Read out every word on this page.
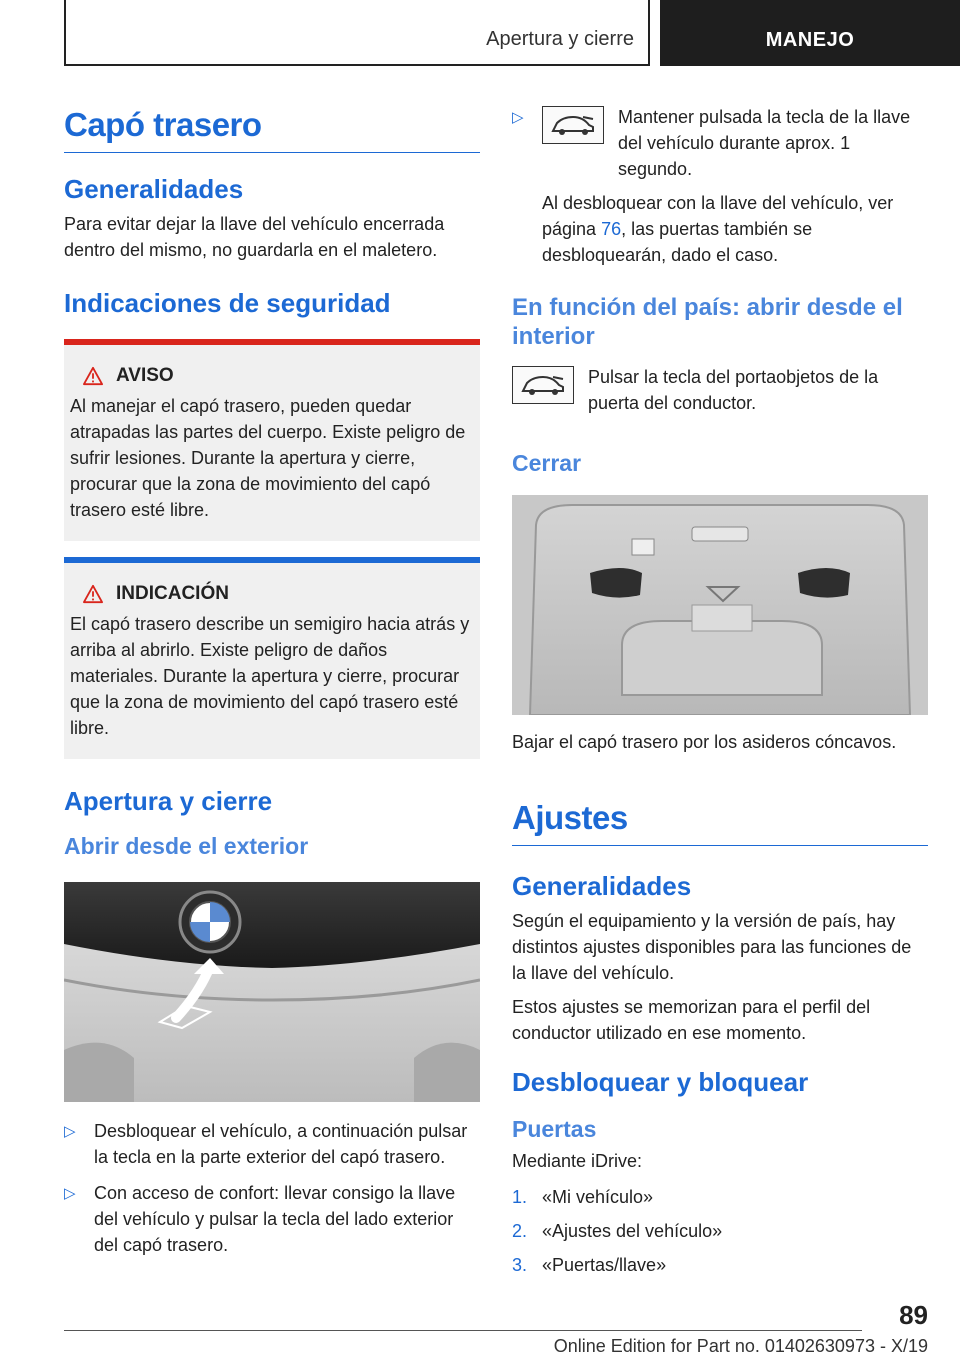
Apertura y cierre	MANEJO
Capó trasero
Generalidades
Para evitar dejar la llave del vehículo encerrada dentro del mismo, no guardarla en el maletero.
Indicaciones de seguridad
AVISO
Al manejar el capó trasero, pueden quedar atrapadas las partes del cuerpo. Existe peligro de sufrir lesiones. Durante la apertura y cierre, procurar que la zona de movimiento del capó trasero esté libre.
INDICACIÓN
El capó trasero describe un semigiro hacia atrás y arriba al abrirlo. Existe peligro de daños materiales. Durante la apertura y cierre, procurar que la zona de movimiento del capó trasero esté libre.
Apertura y cierre
Abrir desde el exterior
▷	Desbloquear el vehículo, a continuación pulsar la tecla en la parte exterior del capó trasero.
▷	Con acceso de confort: llevar consigo la llave del vehículo y pulsar la tecla del lado exterior del capó trasero.
▷	Mantener pulsada la tecla de la llave del vehículo durante aprox. 1 segundo.
Al desbloquear con la llave del vehículo, ver página 76, las puertas también se desbloquearán, dado el caso.
En función del país: abrir desde el interior
Pulsar la tecla del portaobjetos de la puerta del conductor.
Cerrar
Bajar el capó trasero por los asideros cóncavos.
Ajustes
Generalidades
Según el equipamiento y la versión de país, hay distintos ajustes disponibles para las funciones de la llave del vehículo.
Estos ajustes se memorizan para el perfil del conductor utilizado en ese momento.
Desbloquear y bloquear
Puertas
Mediante iDrive:
1. «Mi vehículo»
2. «Ajustes del vehículo»
3. «Puertas/llave»
89
Online Edition for Part no. 01402630973 - X/19
